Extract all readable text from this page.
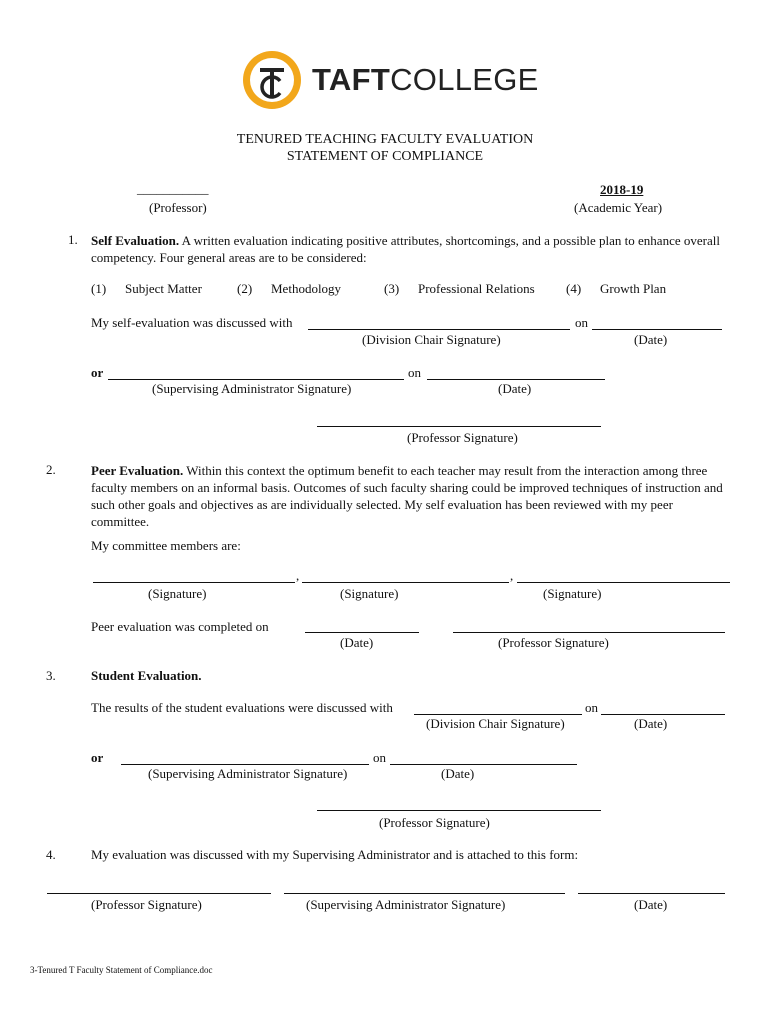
TAFTCOLLEGE
TENURED TEACHING FACULTY EVALUATION
STATEMENT OF COMPLIANCE
___________
(Professor)
2018-19
(Academic Year)
1. Self Evaluation. A written evaluation indicating positive attributes, shortcomings, and a possible plan to enhance overall competency. Four general areas are to be considered:
(1) Subject Matter	(2) Methodology	(3) Professional Relations (4) Growth Plan
My self-evaluation was discussed with	on
(Division Chair Signature)	(Date)
or	on
(Supervising Administrator Signature)	(Date)
(Professor Signature)
2.	Peer Evaluation. Within this context the optimum benefit to each teacher may result from the interaction among three faculty members on an informal basis. Outcomes of such faculty sharing could be improved techniques of instruction and such other goals and objectives as are individually selected. My self evaluation has been reviewed with my peer committee.
My committee members are:
,	,
(Signature)	(Signature)	(Signature)
Peer evaluation was completed on
(Date)	(Professor Signature)
3.	Student Evaluation.
The results of the student evaluations were discussed with	on
(Division Chair Signature)	(Date)
or	on
(Supervising Administrator Signature)	(Date)
(Professor Signature)
4.	My evaluation was discussed with my Supervising Administrator and is attached to this form:
(Professor Signature)	(Supervising Administrator Signature)	(Date)
3-Tenured T Faculty Statement of Compliance.doc
